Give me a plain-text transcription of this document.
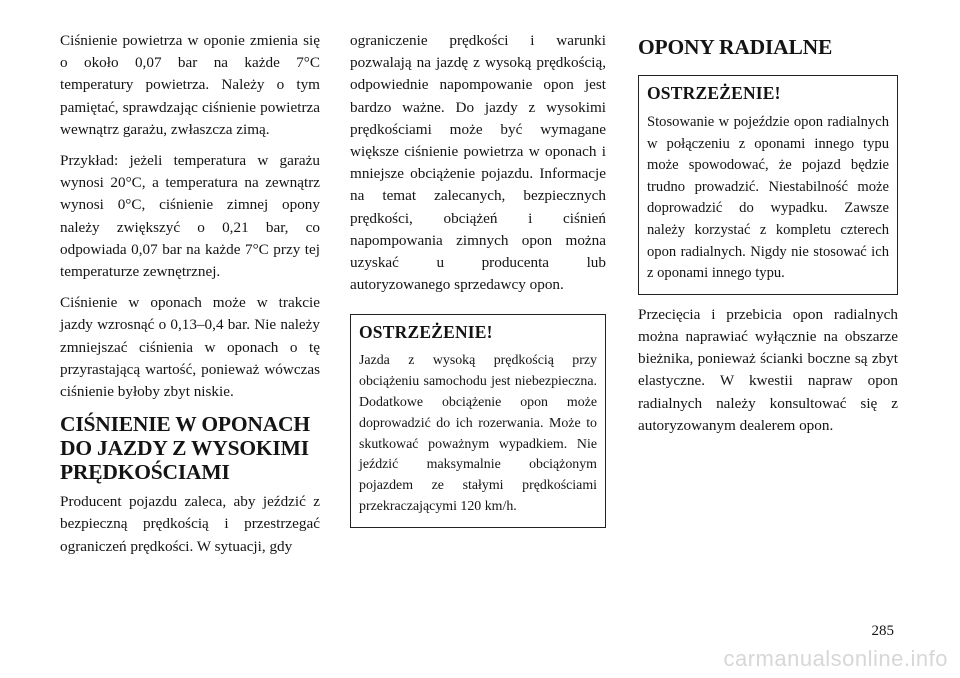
Ciśnienie powietrza w oponie zmienia się o około 0,07 bar na każde 7°C temperatury powietrza. Należy o tym pamiętać, sprawdzając ciśnienie powietrza wewnątrz garażu, zwłaszcza zimą.

Przykład: jeżeli temperatura w garażu wynosi 20°C, a temperatura na zewnątrz wynosi 0°C, ciśnienie zimnej opony należy zwiększyć o 0,21 bar, co odpowiada 0,07 bar na każde 7°C przy tej temperaturze zewnętrznej.

Ciśnienie w oponach może w trakcie jazdy wzrosnąć o 0,13–0,4 bar. Nie należy zmniejszać ciśnienia w oponach o tę przyrastającą wartość, ponieważ wówczas ciśnienie byłoby zbyt niskie.

CIŚNIENIE W OPONACH DO JAZDY Z WYSOKIMI PRĘDKOŚCIAMI

Producent pojazdu zaleca, aby jeździć z bezpieczną prędkością i przestrzegać ograniczeń prędkości. W sytuacji, gdy

ograniczenie prędkości i warunki pozwalają na jazdę z wysoką prędkością, odpowiednie napompowanie opon jest bardzo ważne. Do jazdy z wysokimi prędkościami może być wymagane większe ciśnienie powietrza w oponach i mniejsze obciążenie pojazdu. Informacje na temat zalecanych, bezpiecznych prędkości, obciążeń i ciśnień napompowania zimnych opon można uzyskać u producenta lub autoryzowanego sprzedawcy opon.

OSTRZEŻENIE!

Jazda z wysoką prędkością przy obciążeniu samochodu jest niebezpieczna. Dodatkowe obciążenie opon może doprowadzić do ich rozerwania. Może to skutkować poważnym wypadkiem. Nie jeździć maksymalnie obciążonym pojazdem ze stałymi prędkościami przekraczającymi 120 km/h.

OPONY RADIALNE
OSTRZEŻENIE!

Stosowanie w pojeździe opon radialnych w połączeniu z oponami innego typu może spowodować, że pojazd będzie trudno prowadzić. Niestabilność może doprowadzić do wypadku. Zawsze należy korzystać z kompletu czterech opon radialnych. Nigdy nie stosować ich z oponami innego typu.

Przecięcia i przebicia opon radialnych można naprawiać wyłącznie na obszarze bieżnika, ponieważ ścianki boczne są zbyt elastyczne. W kwestii napraw opon radialnych należy konsultować się z autoryzowanym dealerem opon.

285
carmanualsonline.info
